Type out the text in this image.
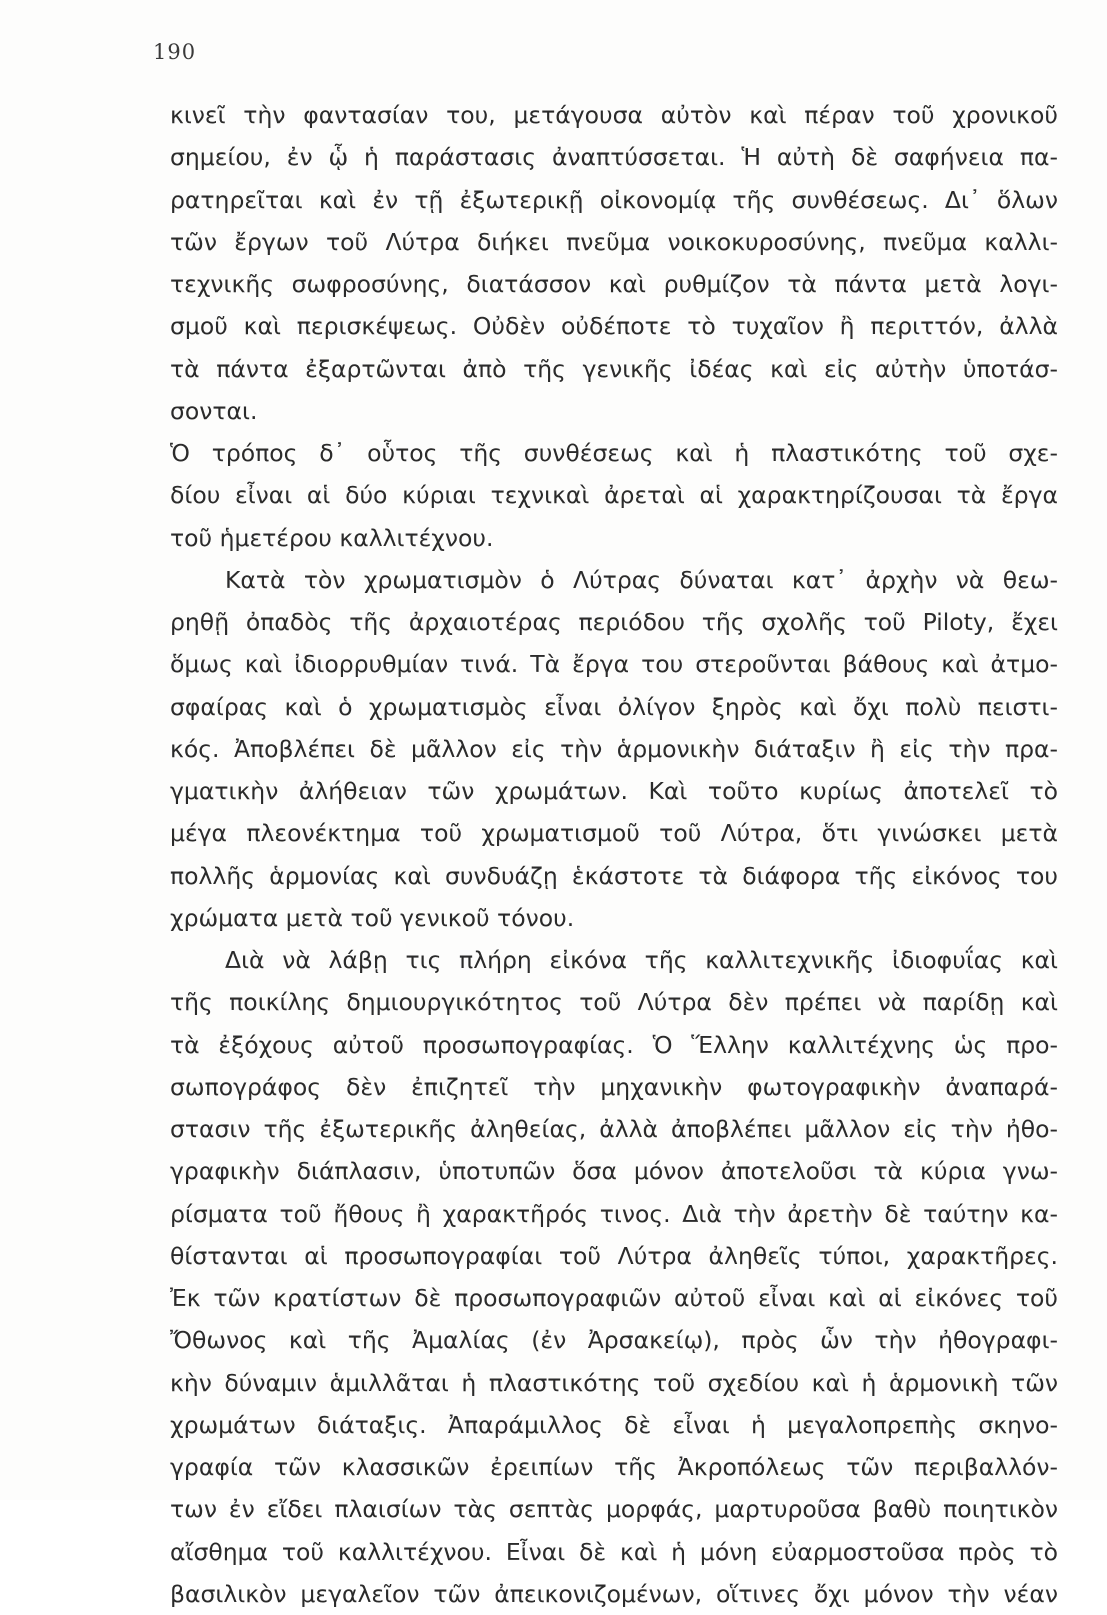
190
κινεῖ τὴν φαντασίαν του, μετάγουσα αὐτὸν καὶ πέραν τοῦ χρονικοῦ
σημείου, ἐν ᾧ ἡ παράστασις ἀναπτύσσεται. Ἡ αὐτὴ δὲ σαφήνεια πα-
ρατηρεῖται καὶ ἐν τῇ ἐξωτερικῇ οἰκονομίᾳ τῆς συνθέσεως. Δι᾽ ὅλων
τῶν ἔργων τοῦ Λύτρα διήκει πνεῦμα νοικοκυροσύνης, πνεῦμα καλλι-
τεχνικῆς σωφροσύνης, διατάσσον καὶ ρυθμίζον τὰ πάντα μετὰ λογι-
σμοῦ καὶ περισκέψεως. Οὐδὲν οὐδέποτε τὸ τυχαῖον ἢ περιττόν, ἀλλὰ
τὰ πάντα ἐξαρτῶνται ἀπὸ τῆς γενικῆς ἰδέας καὶ εἰς αὐτὴν ὑποτάσ-
σονται.
Ὁ τρόπος δ᾽ οὗτος τῆς συνθέσεως καὶ ἡ πλαστικότης τοῦ σχε-
δίου εἶναι αἱ δύο κύριαι τεχνικαὶ ἀρεταὶ αἱ χαρακτηρίζουσαι τὰ ἔργα
τοῦ ἡμετέρου καλλιτέχνου.
Κατὰ τὸν χρωματισμὸν ὁ Λύτρας δύναται κατ᾽ ἀρχὴν νὰ θεω-
ρηθῇ ὀπαδὸς τῆς ἀρχαιοτέρας περιόδου τῆς σχολῆς τοῦ Piloty, ἔχει
ὅμως καὶ ἰδιορρυθμίαν τινά. Τὰ ἔργα του στεροῦνται βάθους καὶ ἀτμο-
σφαίρας καὶ ὁ χρωματισμὸς εἶναι ὀλίγον ξηρὸς καὶ ὄχι πολὺ πειστι-
κός. Ἀποβλέπει δὲ μᾶλλον εἰς τὴν ἁρμονικὴν διάταξιν ἢ εἰς τὴν πρα-
γματικὴν ἀλήθειαν τῶν χρωμάτων. Καὶ τοῦτο κυρίως ἀποτελεῖ τὸ
μέγα πλεονέκτημα τοῦ χρωματισμοῦ τοῦ Λύτρα, ὅτι γινώσκει μετὰ
πολλῆς ἁρμονίας καὶ συνδυάζῃ ἑκάστοτε τὰ διάφορα τῆς εἰκόνος του
χρώματα μετὰ τοῦ γενικοῦ τόνου.
Διὰ νὰ λάβῃ τις πλήρη εἰκόνα τῆς καλλιτεχνικῆς ἰδιοφυΐας καὶ
τῆς ποικίλης δημιουργικότητος τοῦ Λύτρα δὲν πρέπει νὰ παρίδῃ καὶ
τὰ ἐξόχους αὐτοῦ προσωπογραφίας. Ὁ Ἕλλην καλλιτέχνης ὡς προ-
σωπογράφος δὲν ἐπιζητεῖ τὴν μηχανικὴν φωτογραφικὴν ἀναπαρά-
στασιν τῆς ἐξωτερικῆς ἀληθείας, ἀλλὰ ἀποβλέπει μᾶλλον εἰς τὴν ἠθο-
γραφικὴν διάπλασιν, ὑποτυπῶν ὅσα μόνον ἀποτελοῦσι τὰ κύρια γνω-
ρίσματα τοῦ ἤθους ἢ χαρακτῆρός τινος. Διὰ τὴν ἀρετὴν δὲ ταύτην κα-
θίστανται αἱ προσωπογραφίαι τοῦ Λύτρα ἀληθεῖς τύποι, χαρακτῆρες.
Ἐκ τῶν κρατίστων δὲ προσωπογραφιῶν αὐτοῦ εἶναι καὶ αἱ εἰκόνες τοῦ
Ὄθωνος καὶ τῆς Ἀμαλίας (ἐν Ἀρσακείῳ), πρὸς ὧν τὴν ἠθογραφι-
κὴν δύναμιν ἁμιλλᾶται ἡ πλαστικότης τοῦ σχεδίου καὶ ἡ ἁρμονικὴ τῶν
χρωμάτων διάταξις. Ἀπαράμιλλος δὲ εἶναι ἡ μεγαλοπρεπὴς σκηνο-
γραφία τῶν κλασσικῶν ἐρειπίων τῆς Ἀκροπόλεως τῶν περιβαλλόν-
των ἐν εἴδει πλαισίων τὰς σεπτὰς μορφάς, μαρτυροῦσα βαθὺ ποιητικὸν
αἴσθημα τοῦ καλλιτέχνου. Εἶναι δὲ καὶ ἡ μόνη εὐαρμοστοῦσα πρὸς τὸ
βασιλικὸν μεγαλεῖον τῶν ἀπεικονιζομένων, οἵτινες ὄχι μόνον τὴν νέαν
